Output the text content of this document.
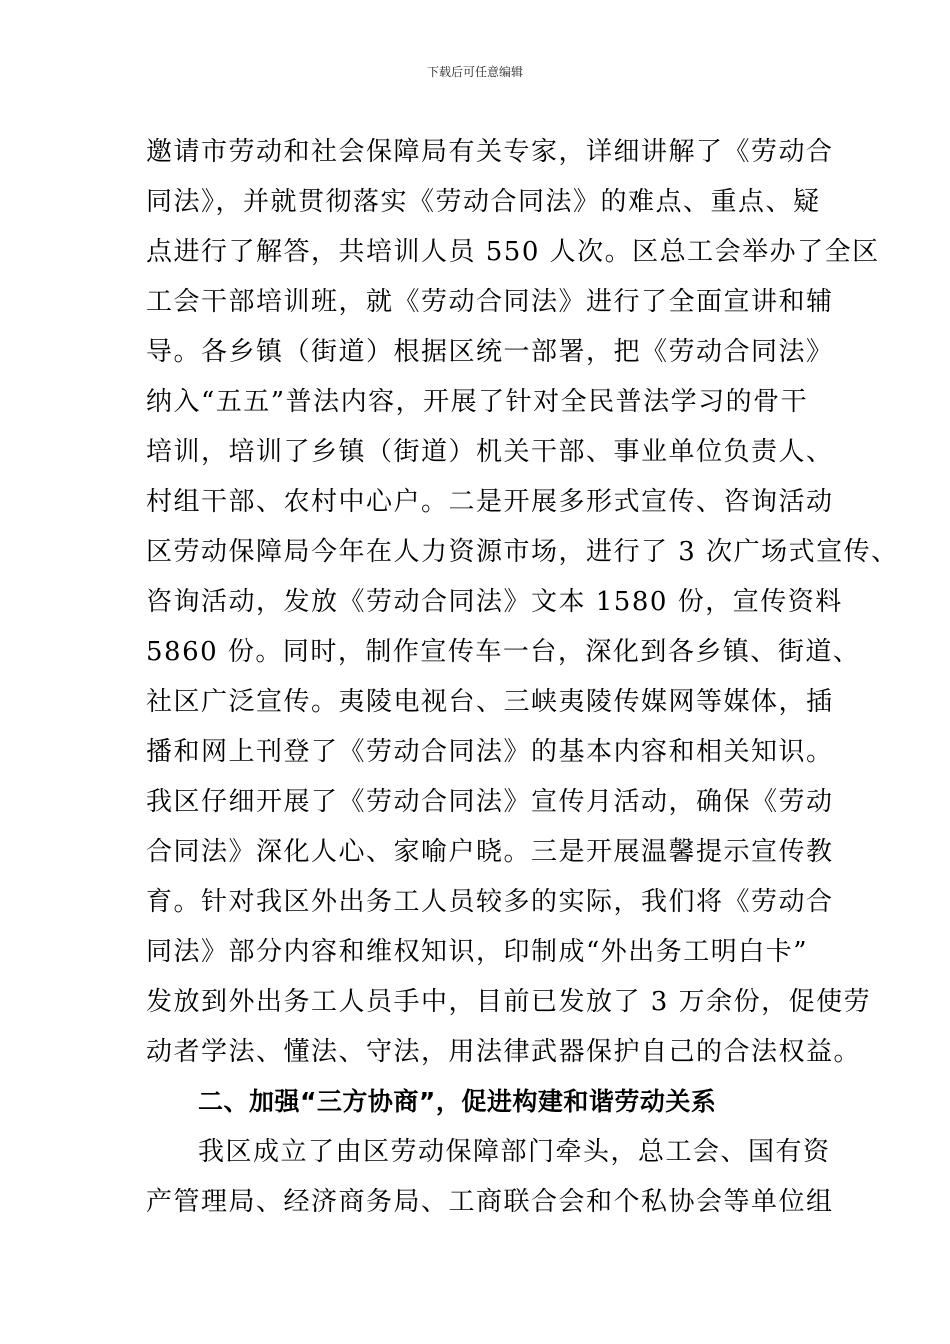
下载后可任意编辑
邀请市劳动和社会保障局有关专家，详细讲解了《劳动合
同法》，并就贯彻落实《劳动合同法》的难点、重点、疑
点进行了解答，共培训人员 550 人次。区总工会举办了全区
工会干部培训班，就《劳动合同法》进行了全面宣讲和辅
导。各乡镇（街道）根据区统一部署，把《劳动合同法》
纳入“五五”普法内容，开展了针对全民普法学习的骨干
培训，培训了乡镇（街道）机关干部、事业单位负责人、
村组干部、农村中心户。二是开展多形式宣传、咨询活动
区劳动保障局今年在人力资源市场，进行了 3 次广场式宣传、
咨询活动，发放《劳动合同法》文本 1580 份，宣传资料
5860 份。同时，制作宣传车一台，深化到各乡镇、街道、
社区广泛宣传。夷陵电视台、三峡夷陵传媒网等媒体，插
播和网上刊登了《劳动合同法》的基本内容和相关知识。
我区仔细开展了《劳动合同法》宣传月活动，确保《劳动
合同法》深化人心、家喻户晓。三是开展温馨提示宣传教
育。针对我区外出务工人员较多的实际，我们将《劳动合
同法》部分内容和维权知识，印制成“外出务工明白卡”
发放到外出务工人员手中，目前已发放了 3 万余份，促使劳
动者学法、懂法、守法，用法律武器保护自己的合法权益。
二、加强“三方协商”，促进构建和谐劳动关系
我区成立了由区劳动保障部门牵头，总工会、国有资
产管理局、经济商务局、工商联合会和个私协会等单位组
